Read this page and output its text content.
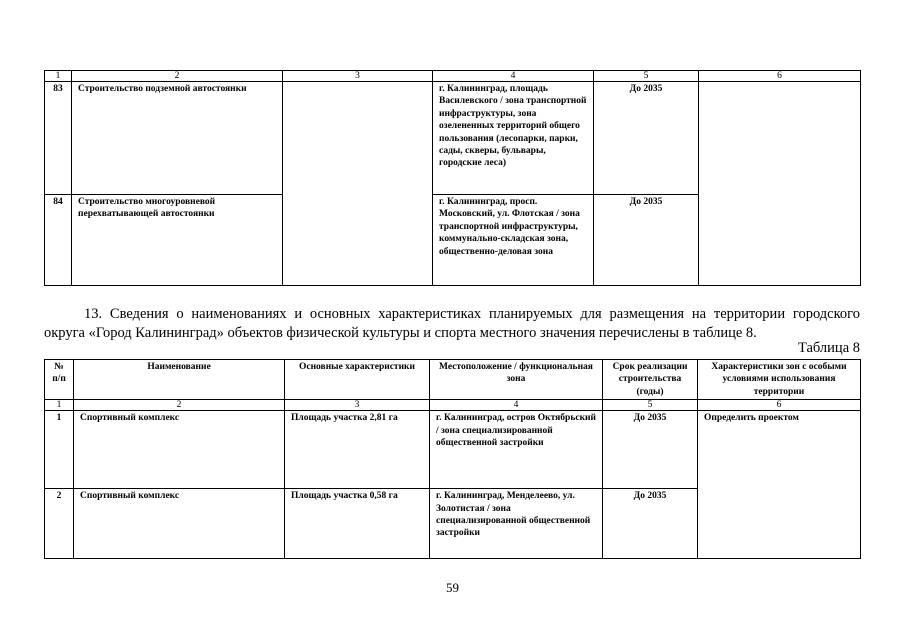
1	2	3	4	5	6
83	Строительство подземной автостоянки		г. Калининград, площадь Василевского / зона транспортной инфраструктуры, зона озелененных территорий общего пользования (лесопарки, парки, сады, скверы, бульвары, городские леса)	До 2035	
84	Строительство многоуровневой перехватывающей автостоянки		г. Калининград, просп. Московский, ул. Флотская / зона транспортной инфраструктуры, коммунально-складская зона, общественно-деловая зона	До 2035	
13. Сведения о наименованиях и основных характеристиках планируемых для размещения на территории городского
округа «Город Калининград» объектов физической культуры и спорта местного значения перечислены в таблице 8.
Таблица 8
№ п/п	Наименование	Основные характеристики	Местоположение / функциональная зона	Срок реализации строительства (годы)	Характеристики зон с особыми условиями использования территории
1	2	3	4	5	6
1	Спортивный комплекс	Площадь участка 2,81 га	г. Калининград, остров Октябрьский / зона специализированной общественной застройки	До 2035	Определить проектом
2	Спортивный комплекс	Площадь участка 0,58 га	г. Калининград, Менделеево, ул. Золотистая / зона специализированной общественной застройки	До 2035	
59
